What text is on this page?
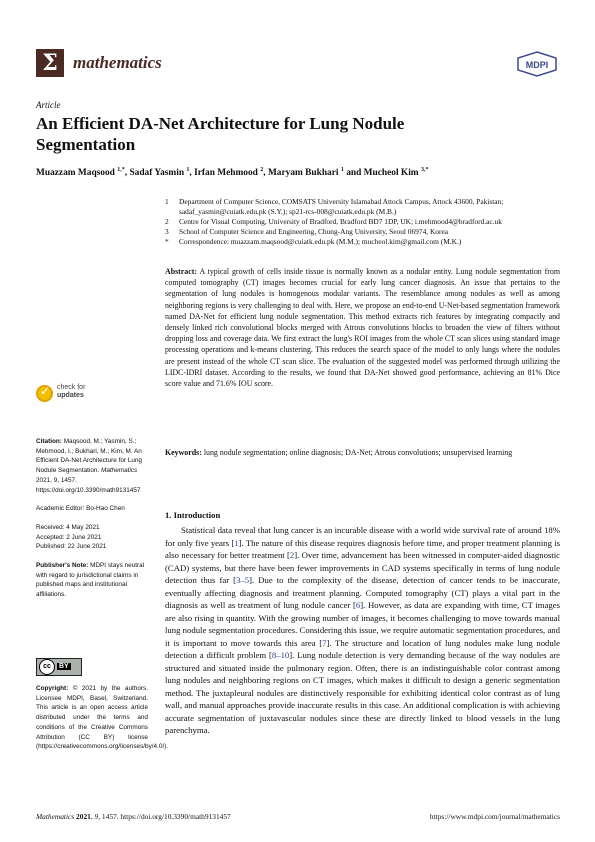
Σ mathematics	MDPI
Article
An Efficient DA-Net Architecture for Lung Nodule Segmentation
Muazzam Maqsood $^{1,*}$, Sadaf Yasmin $^1$, Irfan Mehmood $^2$, Maryam Bukhari $^1$ and Mucheol Kim $^{3,*}$
1	Department of Computer Science, COMSATS University Islamabad Attock Campus, Attock 43600, Pakistan; sadaf_yasmin@cuiatk.edu.pk (S.Y.); sp21-rcs-008@cuiatk.edu.pk (M.B.)
2	Centre for Visual Computing, University of Bradford, Bradford BD7 1DP, UK; i.mehmood4@bradford.ac.uk
3	School of Computer Science and Engineering, Chung-Ang University, Seoul 06974, Korea
*	Correspondence: muazzam.maqsood@cuiatk.edu.pk (M.M.); mucheol.kim@gmail.com (M.K.)
Abstract: A typical growth of cells inside tissue is normally known as a nodular entity. Lung nodule segmentation from computed tomography (CT) images becomes crucial for early lung cancer diagnosis. An issue that pertains to the segmentation of lung nodules is homogenous modular variants. The resemblance among nodules as well as among neighboring regions is very challenging to deal with. Here, we propose an end-to-end U-Net-based segmentation framework named DA-Net for efficient lung nodule segmentation. This method extracts rich features by integrating compactly and densely linked rich convolutional blocks merged with Atrous convolutions blocks to broaden the view of filters without dropping loss and coverage data. We first extract the lung's ROI images from the whole CT scan slices using standard image processing operations and k-means clustering. This reduces the search space of the model to only lungs where the nodules are present instead of the whole CT scan slice. The evaluation of the suggested model was performed through utilizing the LIDC-IDRI dataset. According to the results, we found that DA-Net showed good performance, achieving an 81% Dice score value and 71.6% IOU score.
Keywords: lung nodule segmentation; online diagnosis; DA-Net; Atrous convolutions; unsupervised learning
✓ check for
updates

Citation: Maqsood, M.; Yasmin, S.; Mehmood, I.; Bukhari, M.; Kim, M. An Efficient DA-Net Architecture for Lung Nodule Segmentation. Mathematics 2021, 9, 1457. https://doi.org/10.3390/math9131457

Academic Editor: Bo-Hao Chen

Received: 4 May 2021

Accepted: 2 June 2021

Published: 22 June 2021

Publisher's Note: MDPI stays neutral with regard to jurisdictional claims in published maps and institutional affiliations.

cc	BY
Copyright: © 2021 by the authors. Licensee MDPI, Basel, Switzerland. This article is an open access article distributed under the terms and conditions of the Creative Commons Attribution (CC BY) license (https://creativecommons.org/licenses/by/4.0/).
1. Introduction
Statistical data reveal that lung cancer is an incurable disease with a world wide survival rate of around 18% for only five years [1]. The nature of this disease requires diagnosis before time, and proper treatment planning is also necessary for better treatment [2]. Over time, advancement has been witnessed in computer-aided diagnostic (CAD) systems, but there have been fewer improvements in CAD systems specifically in terms of lung nodule detection thus far [3–5]. Due to the complexity of the disease, detection of cancer tends to be inaccurate, eventually affecting diagnosis and treatment planning. Computed tomography (CT) plays a vital part in the diagnosis as well as treatment of lung nodule cancer [6]. However, as data are expanding with time, CT images are also rising in quantity. With the growing number of images, it becomes challenging to move towards manual lung nodule segmentation procedures. Considering this issue, we require automatic segmentation procedures, and it is important to move towards this area [7]. The structure and location of lung nodules make lung nodule detection a difficult problem [8–10]. Lung nodule detection is very demanding because of the way nodules are structured and situated inside the pulmonary region. Often, there is an indistinguishable color contrast among lung nodules and neighboring regions on CT images, which makes it difficult to design a generic segmentation method. The juxtapleural nodules are distinctively responsible for exhibiting identical color contrast as of lung wall, and manual approaches provide inaccurate results in this case. An additional complication is with achieving accurate segmentation of juxtavascular nodules since these are directly linked to blood vessels in the lung parenchyma.
Mathematics 2021, 9, 1457. https://doi.org/10.3390/math9131457	https://www.mdpi.com/journal/mathematics
